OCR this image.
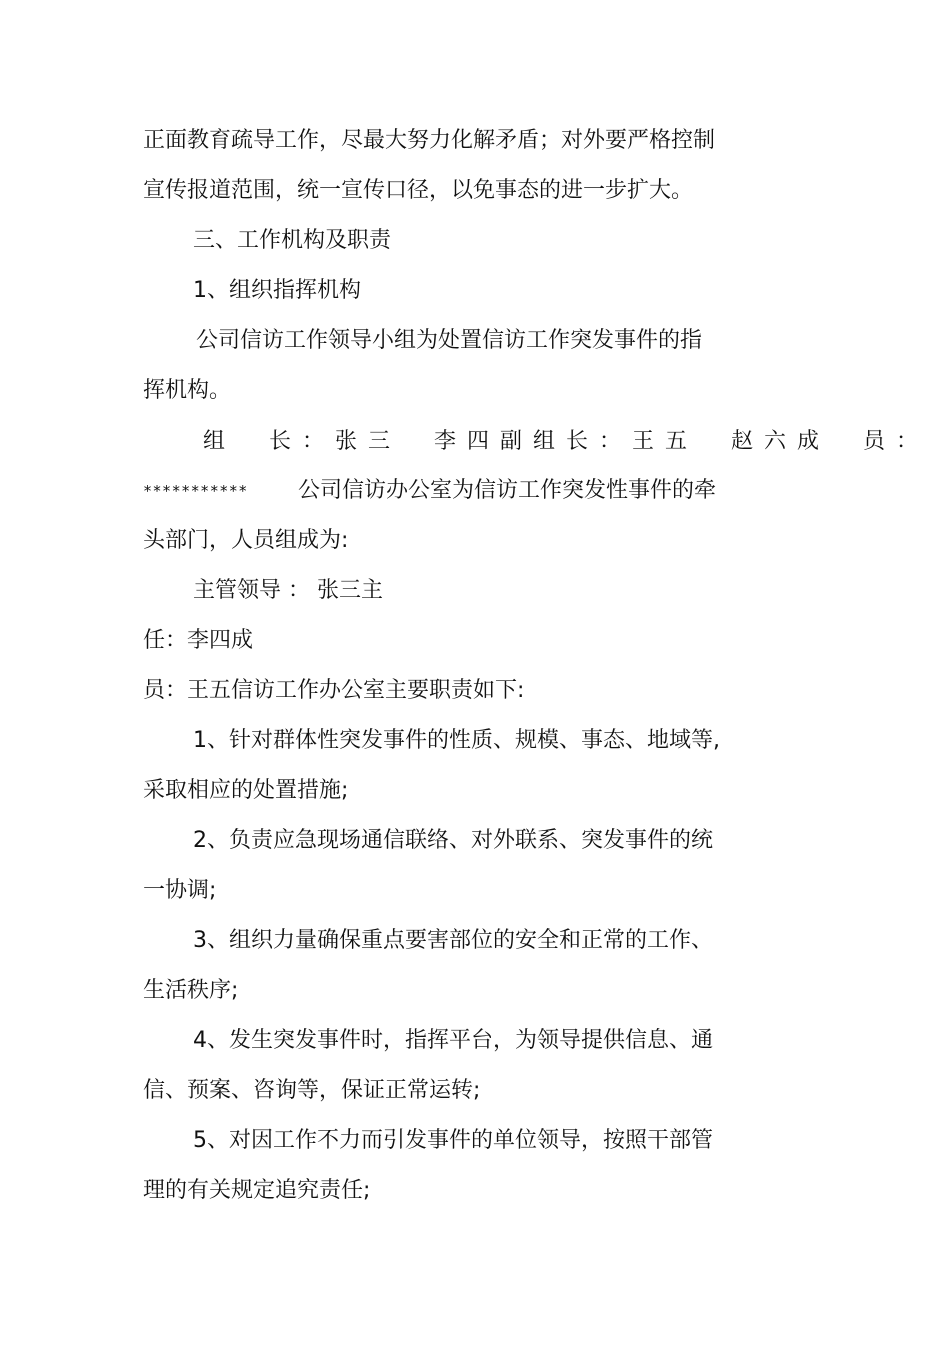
正面教育疏导工作，尽最大努力化解矛盾；对外要严格控制
宣传报道范围，统一宣传口径，以免事态的进一步扩大。
三、工作机构及职责
1、组织指挥机构
公司信访工作领导小组为处置信访工作突发事件的指
挥机构。
组　长：张三　李四副组长：王五　赵六成　员：
*********** 公司信访办公室为信访工作突发性事件的牵
头部门，人员组成为:
主管领导 ： 张三主
任：李四成
员：王五信访工作办公室主要职责如下:
1、针对群体性突发事件的性质、规模、事态、地域等,
采取相应的处置措施;
2、负责应急现场通信联络、对外联系、突发事件的统
一协调;
3、组织力量确保重点要害部位的安全和正常的工作、
生活秩序;
4、发生突发事件时，指挥平台，为领导提供信息、通
信、预案、咨询等，保证正常运转;
5、对因工作不力而引发事件的单位领导，按照干部管
理的有关规定追究责任;
